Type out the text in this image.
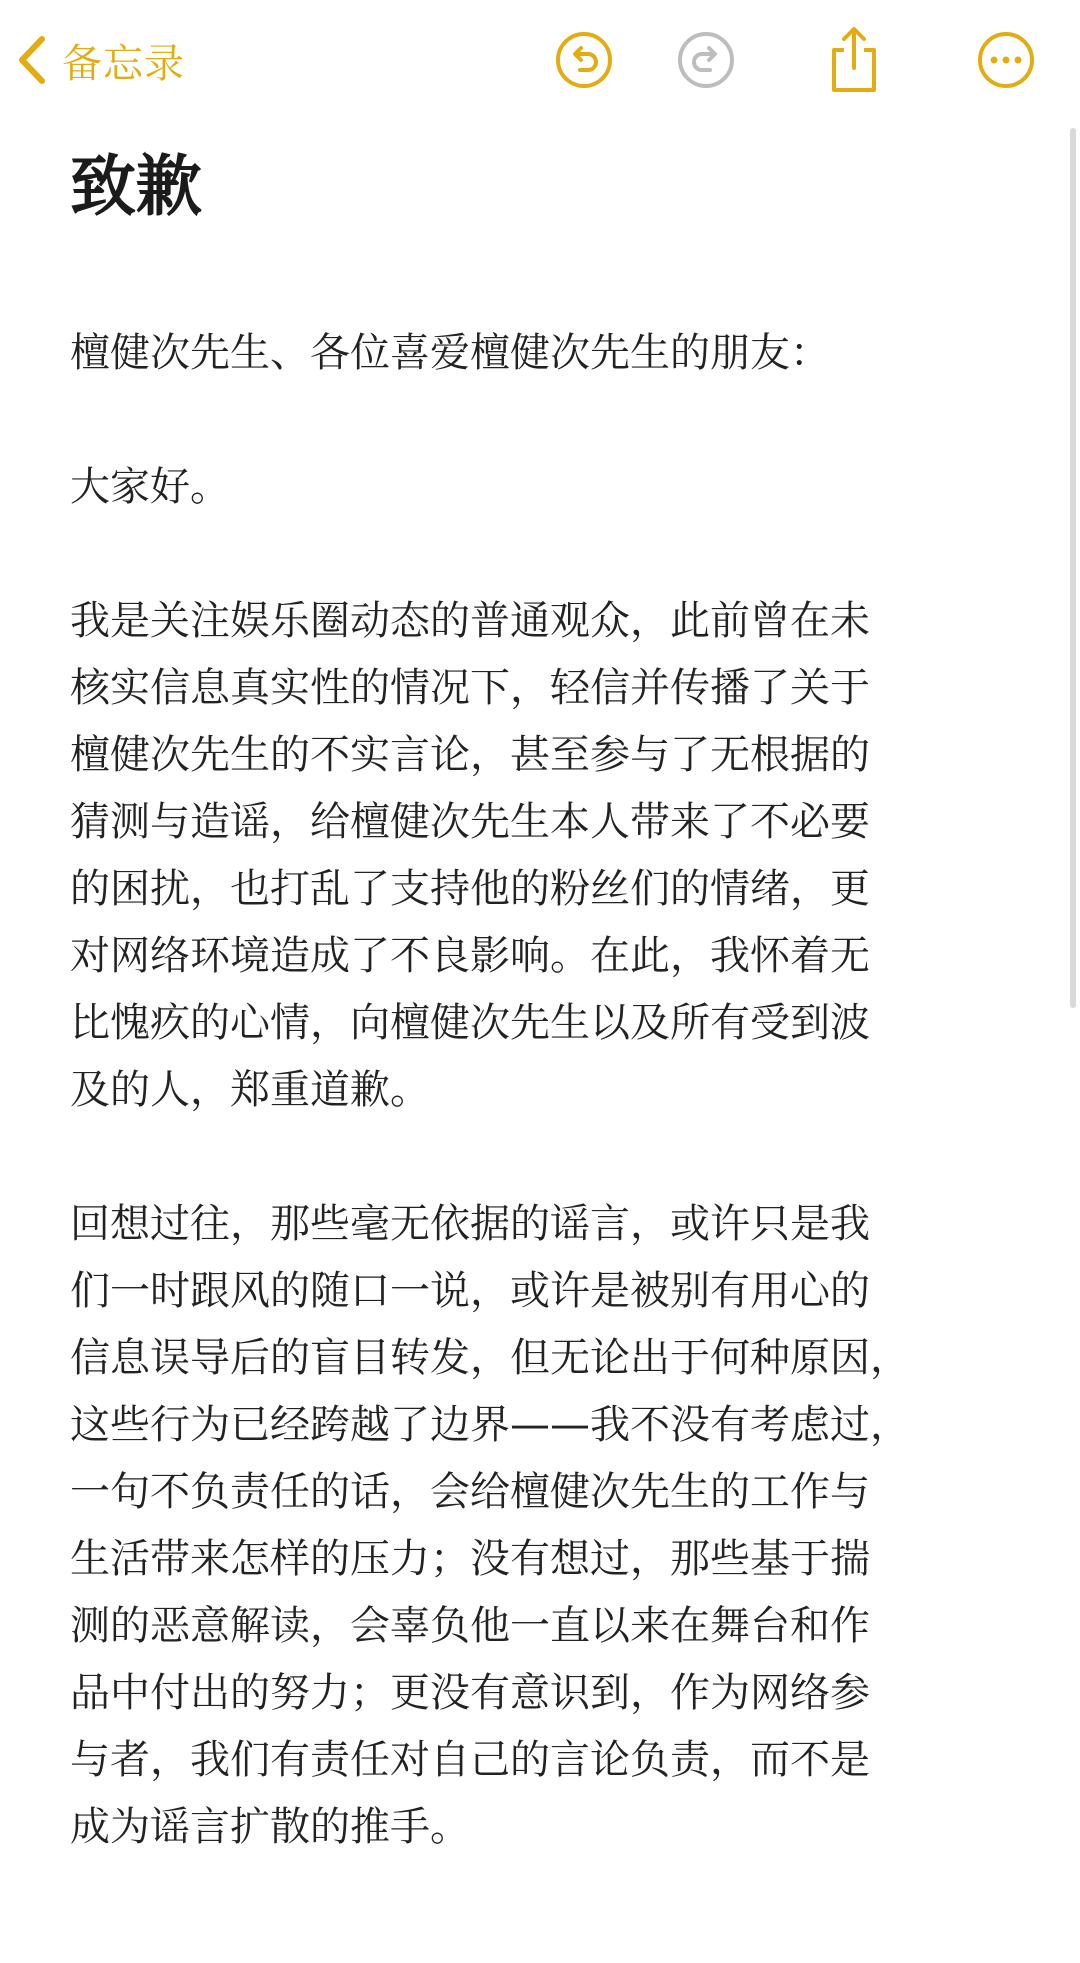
备忘录
致歉

檀健次先生、各位喜爱檀健次先生的朋友：

大家好。

我是关注娱乐圈动态的普通观众，此前曾在未
核实信息真实性的情况下，轻信并传播了关于
檀健次先生的不实言论，甚至参与了无根据的
猜测与造谣，给檀健次先生本人带来了不必要
的困扰，也打乱了支持他的粉丝们的情绪，更
对网络环境造成了不良影响。在此，我怀着无
比愧疚的心情，向檀健次先生以及所有受到波
及的人，郑重道歉。

回想过往，那些毫无依据的谣言，或许只是我
们一时跟风的随口一说，或许是被别有用心的
信息误导后的盲目转发，但无论出于何种原因，
这些行为已经跨越了边界——我不没有考虑过，
一句不负责任的话，会给檀健次先生的工作与
生活带来怎样的压力；没有想过，那些基于揣
测的恶意解读，会辜负他一直以来在舞台和作
品中付出的努力；更没有意识到，作为网络参
与者，我们有责任对自己的言论负责，而不是
成为谣言扩散的推手。
